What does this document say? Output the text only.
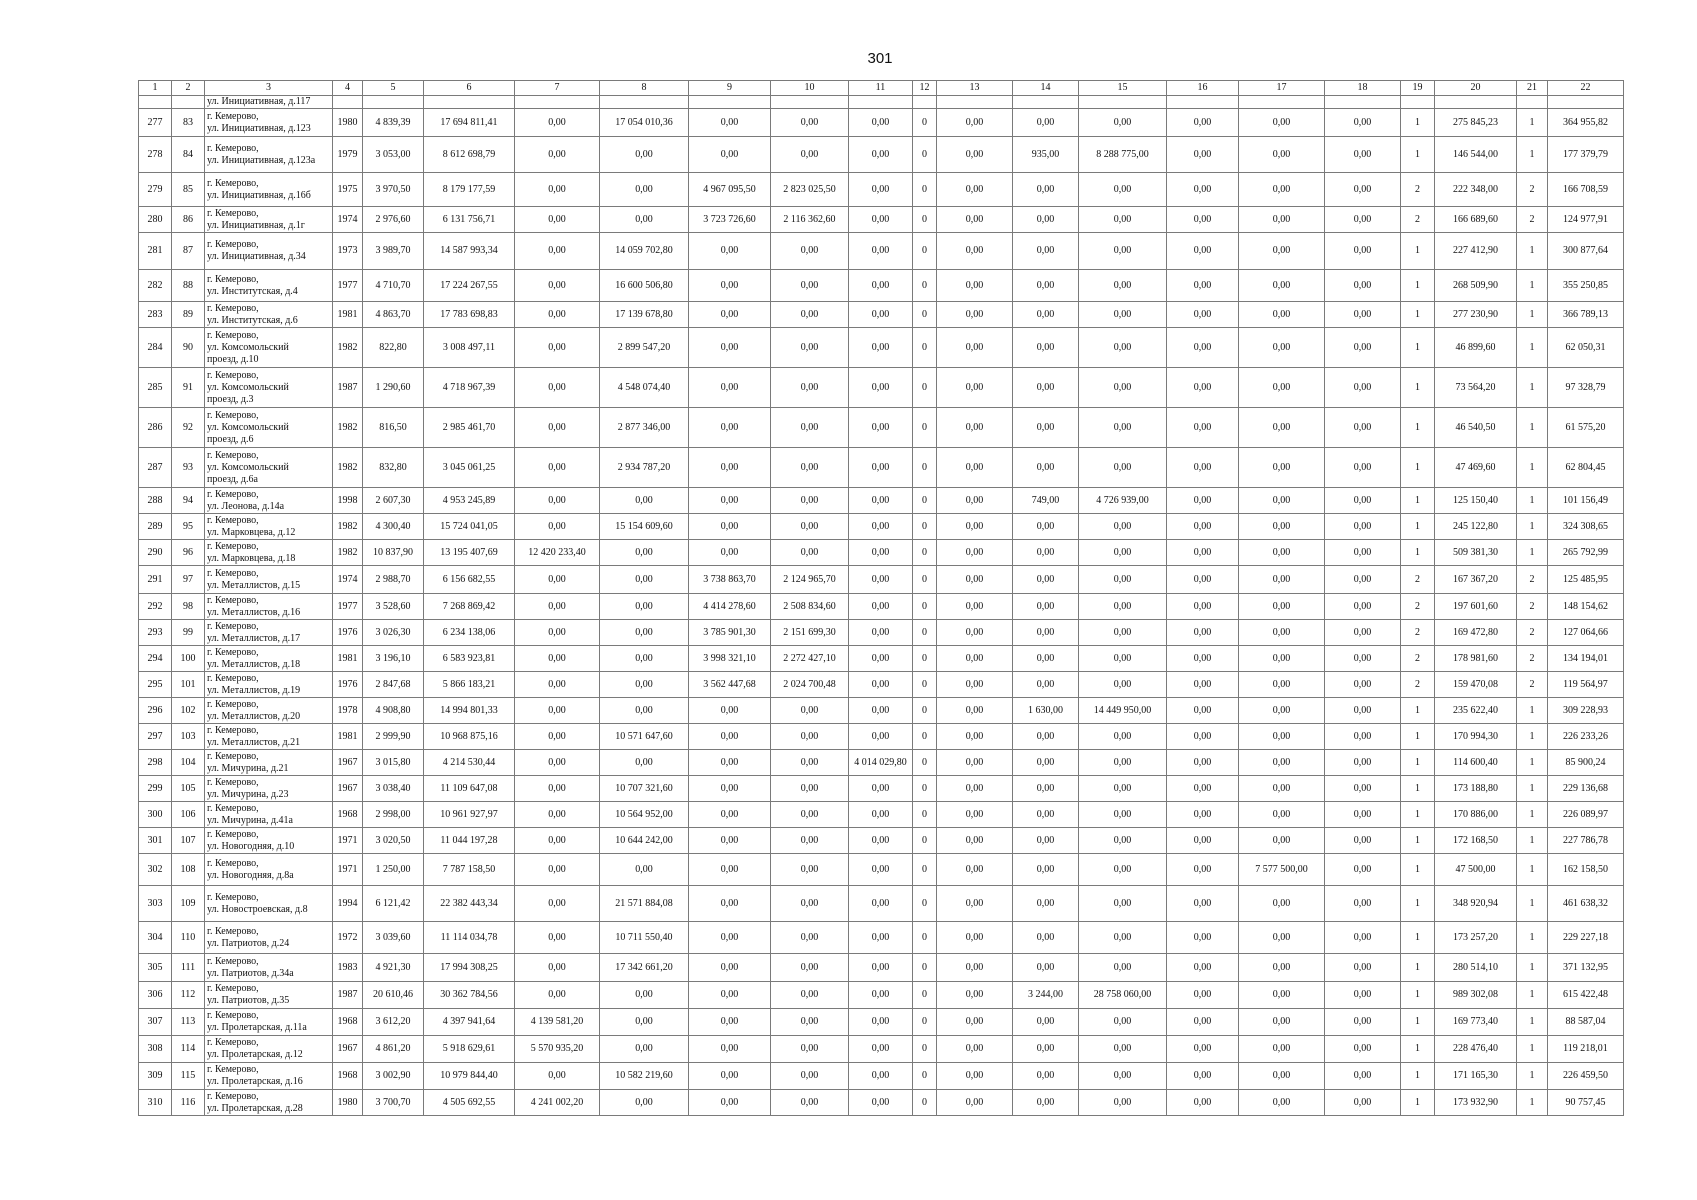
301
1	2	3	4	5	6	7	8	9	10	11	12	13	14	15	16	17	18	19	20	21	22
		ул. Инициативная, д.117																			
277	83	г. Кемерово,
ул. Инициативная, д.123	1980	4 839,39	17 694 811,41	0,00	17 054 010,36	0,00	0,00	0,00	0	0,00	0,00	0,00	0,00	0,00	0,00	1	275 845,23	1	364 955,82
278	84	г. Кемерово,
ул. Инициативная, д.123а	1979	3 053,00	8 612 698,79	0,00	0,00	0,00	0,00	0,00	0	0,00	935,00	8 288 775,00	0,00	0,00	0,00	1	146 544,00	1	177 379,79
279	85	г. Кемерово,
ул. Инициативная, д.16б	1975	3 970,50	8 179 177,59	0,00	0,00	4 967 095,50	2 823 025,50	0,00	0	0,00	0,00	0,00	0,00	0,00	0,00	2	222 348,00	2	166 708,59
280	86	г. Кемерово,
ул. Инициативная, д.1г	1974	2 976,60	6 131 756,71	0,00	0,00	3 723 726,60	2 116 362,60	0,00	0	0,00	0,00	0,00	0,00	0,00	0,00	2	166 689,60	2	124 977,91
281	87	г. Кемерово,
ул. Инициативная, д.34	1973	3 989,70	14 587 993,34	0,00	14 059 702,80	0,00	0,00	0,00	0	0,00	0,00	0,00	0,00	0,00	0,00	1	227 412,90	1	300 877,64
282	88	г. Кемерово,
ул. Институтская, д.4	1977	4 710,70	17 224 267,55	0,00	16 600 506,80	0,00	0,00	0,00	0	0,00	0,00	0,00	0,00	0,00	0,00	1	268 509,90	1	355 250,85
283	89	г. Кемерово,
ул. Институтская, д.6	1981	4 863,70	17 783 698,83	0,00	17 139 678,80	0,00	0,00	0,00	0	0,00	0,00	0,00	0,00	0,00	0,00	1	277 230,90	1	366 789,13
284	90	г. Кемерово,
ул. Комсомольский
проезд, д.10	1982	822,80	3 008 497,11	0,00	2 899 547,20	0,00	0,00	0,00	0	0,00	0,00	0,00	0,00	0,00	0,00	1	46 899,60	1	62 050,31
285	91	г. Кемерово,
ул. Комсомольский
проезд, д.3	1987	1 290,60	4 718 967,39	0,00	4 548 074,40	0,00	0,00	0,00	0	0,00	0,00	0,00	0,00	0,00	0,00	1	73 564,20	1	97 328,79
286	92	г. Кемерово,
ул. Комсомольский
проезд, д.6	1982	816,50	2 985 461,70	0,00	2 877 346,00	0,00	0,00	0,00	0	0,00	0,00	0,00	0,00	0,00	0,00	1	46 540,50	1	61 575,20
287	93	г. Кемерово,
ул. Комсомольский
проезд, д.6а	1982	832,80	3 045 061,25	0,00	2 934 787,20	0,00	0,00	0,00	0	0,00	0,00	0,00	0,00	0,00	0,00	1	47 469,60	1	62 804,45
288	94	г. Кемерово,
ул. Леонова, д.14а	1998	2 607,30	4 953 245,89	0,00	0,00	0,00	0,00	0,00	0	0,00	749,00	4 726 939,00	0,00	0,00	0,00	1	125 150,40	1	101 156,49
289	95	г. Кемерово,
ул. Марковцева, д.12	1982	4 300,40	15 724 041,05	0,00	15 154 609,60	0,00	0,00	0,00	0	0,00	0,00	0,00	0,00	0,00	0,00	1	245 122,80	1	324 308,65
290	96	г. Кемерово,
ул. Марковцева, д.18	1982	10 837,90	13 195 407,69	12 420 233,40	0,00	0,00	0,00	0,00	0	0,00	0,00	0,00	0,00	0,00	0,00	1	509 381,30	1	265 792,99
291	97	г. Кемерово,
ул. Металлистов, д.15	1974	2 988,70	6 156 682,55	0,00	0,00	3 738 863,70	2 124 965,70	0,00	0	0,00	0,00	0,00	0,00	0,00	0,00	2	167 367,20	2	125 485,95
292	98	г. Кемерово,
ул. Металлистов, д.16	1977	3 528,60	7 268 869,42	0,00	0,00	4 414 278,60	2 508 834,60	0,00	0	0,00	0,00	0,00	0,00	0,00	0,00	2	197 601,60	2	148 154,62
293	99	г. Кемерово,
ул. Металлистов, д.17	1976	3 026,30	6 234 138,06	0,00	0,00	3 785 901,30	2 151 699,30	0,00	0	0,00	0,00	0,00	0,00	0,00	0,00	2	169 472,80	2	127 064,66
294	100	г. Кемерово,
ул. Металлистов, д.18	1981	3 196,10	6 583 923,81	0,00	0,00	3 998 321,10	2 272 427,10	0,00	0	0,00	0,00	0,00	0,00	0,00	0,00	2	178 981,60	2	134 194,01
295	101	г. Кемерово,
ул. Металлистов, д.19	1976	2 847,68	5 866 183,21	0,00	0,00	3 562 447,68	2 024 700,48	0,00	0	0,00	0,00	0,00	0,00	0,00	0,00	2	159 470,08	2	119 564,97
296	102	г. Кемерово,
ул. Металлистов, д.20	1978	4 908,80	14 994 801,33	0,00	0,00	0,00	0,00	0,00	0	0,00	1 630,00	14 449 950,00	0,00	0,00	0,00	1	235 622,40	1	309 228,93
297	103	г. Кемерово,
ул. Металлистов, д.21	1981	2 999,90	10 968 875,16	0,00	10 571 647,60	0,00	0,00	0,00	0	0,00	0,00	0,00	0,00	0,00	0,00	1	170 994,30	1	226 233,26
298	104	г. Кемерово,
ул. Мичурина, д.21	1967	3 015,80	4 214 530,44	0,00	0,00	0,00	0,00	4 014 029,80	0	0,00	0,00	0,00	0,00	0,00	0,00	1	114 600,40	1	85 900,24
299	105	г. Кемерово,
ул. Мичурина, д.23	1967	3 038,40	11 109 647,08	0,00	10 707 321,60	0,00	0,00	0,00	0	0,00	0,00	0,00	0,00	0,00	0,00	1	173 188,80	1	229 136,68
300	106	г. Кемерово,
ул. Мичурина, д.41а	1968	2 998,00	10 961 927,97	0,00	10 564 952,00	0,00	0,00	0,00	0	0,00	0,00	0,00	0,00	0,00	0,00	1	170 886,00	1	226 089,97
301	107	г. Кемерово,
ул. Новогодняя, д.10	1971	3 020,50	11 044 197,28	0,00	10 644 242,00	0,00	0,00	0,00	0	0,00	0,00	0,00	0,00	0,00	0,00	1	172 168,50	1	227 786,78
302	108	г. Кемерово,
ул. Новогодняя, д.8а	1971	1 250,00	7 787 158,50	0,00	0,00	0,00	0,00	0,00	0	0,00	0,00	0,00	0,00	7 577 500,00	0,00	1	47 500,00	1	162 158,50
303	109	г. Кемерово,
ул. Новостроевская, д.8	1994	6 121,42	22 382 443,34	0,00	21 571 884,08	0,00	0,00	0,00	0	0,00	0,00	0,00	0,00	0,00	0,00	1	348 920,94	1	461 638,32
304	110	г. Кемерово,
ул. Патриотов, д.24	1972	3 039,60	11 114 034,78	0,00	10 711 550,40	0,00	0,00	0,00	0	0,00	0,00	0,00	0,00	0,00	0,00	1	173 257,20	1	229 227,18
305	111	г. Кемерово,
ул. Патриотов, д.34а	1983	4 921,30	17 994 308,25	0,00	17 342 661,20	0,00	0,00	0,00	0	0,00	0,00	0,00	0,00	0,00	0,00	1	280 514,10	1	371 132,95
306	112	г. Кемерово,
ул. Патриотов, д.35	1987	20 610,46	30 362 784,56	0,00	0,00	0,00	0,00	0,00	0	0,00	3 244,00	28 758 060,00	0,00	0,00	0,00	1	989 302,08	1	615 422,48
307	113	г. Кемерово,
ул. Пролетарская, д.11а	1968	3 612,20	4 397 941,64	4 139 581,20	0,00	0,00	0,00	0,00	0	0,00	0,00	0,00	0,00	0,00	0,00	1	169 773,40	1	88 587,04
308	114	г. Кемерово,
ул. Пролетарская, д.12	1967	4 861,20	5 918 629,61	5 570 935,20	0,00	0,00	0,00	0,00	0	0,00	0,00	0,00	0,00	0,00	0,00	1	228 476,40	1	119 218,01
309	115	г. Кемерово,
ул. Пролетарская, д.16	1968	3 002,90	10 979 844,40	0,00	10 582 219,60	0,00	0,00	0,00	0	0,00	0,00	0,00	0,00	0,00	0,00	1	171 165,30	1	226 459,50
310	116	г. Кемерово,
ул. Пролетарская, д.28	1980	3 700,70	4 505 692,55	4 241 002,20	0,00	0,00	0,00	0,00	0	0,00	0,00	0,00	0,00	0,00	0,00	1	173 932,90	1	90 757,45
